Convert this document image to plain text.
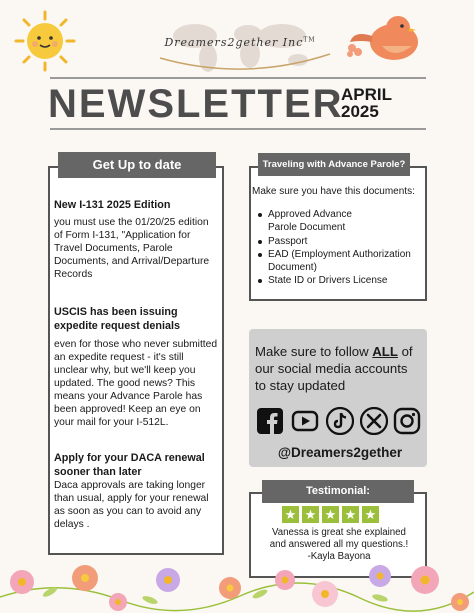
Dreamers2gether Inc™
NEWSLETTER
APRIL
2025
Get Up to date
New I-131 2025 Edition
you must use the 01/20/25 edition of Form I-131, "Application for Travel Documents, Parole Documents, and Arrival/Departure Records
USCIS has been issuing expedite request denials
even for those who never submitted an expedite request - it's still unclear why, but we'll keep you updated. The good news? This means your Advance Parole has been approved! Keep an eye on your mail for your I-512L.
Apply for your DACA renewal sooner than later
Daca approvals are taking longer than usual, apply for your renewal as soon as you can to avoid any delays .
Traveling with Advance Parole?
Make sure you have this documents:
Approved Advance
Parole Document
Passport
EAD (Employment Authorization
Document)
State ID or Drivers License
Make sure to follow ALL of
our social media accounts
to stay updated
@Dreamers2gether
Testimonial:
★ ★ ★ ★ ★
Vanessa is great she explained
and answered all my questions.!
-Kayla Bayona
